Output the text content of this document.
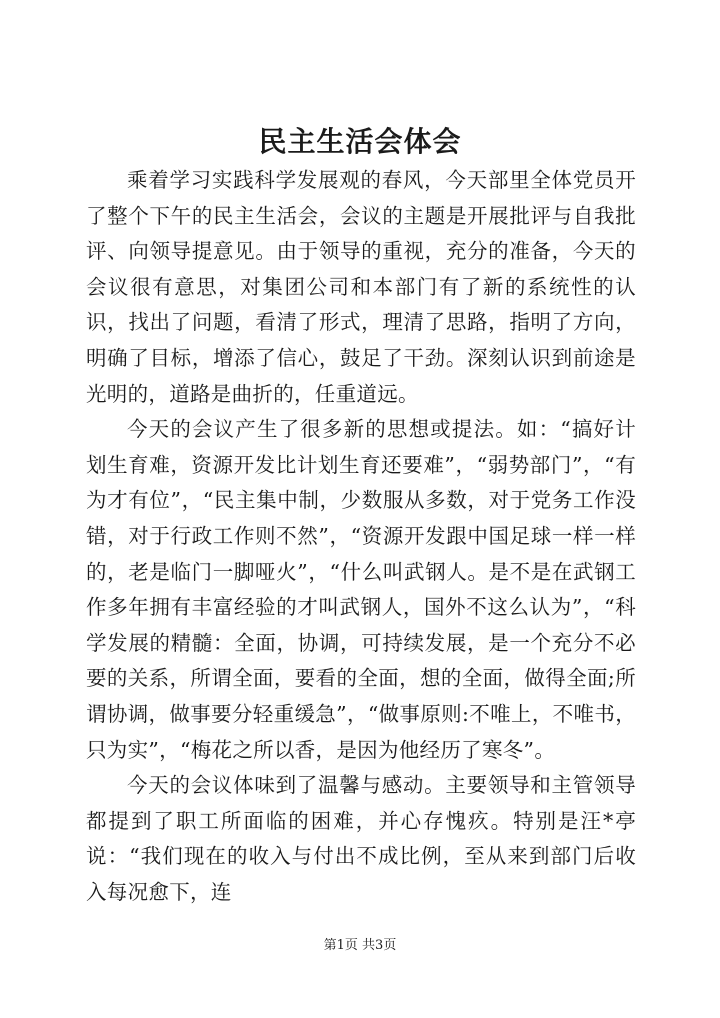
民主生活会体会

乘着学习实践科学发展观的春风，今天部里全体党员开了整个下午的民主生活会，会议的主题是开展批评与自我批评、向领导提意见。由于领导的重视，充分的准备，今天的会议很有意思，对集团公司和本部门有了新的系统性的认识，找出了问题，看清了形式，理清了思路，指明了方向，明确了目标，增添了信心，鼓足了干劲。深刻认识到前途是光明的，道路是曲折的，任重道远。

今天的会议产生了很多新的思想或提法。如：“搞好计划生育难，资源开发比计划生育还要难”，“弱势部门”，“有为才有位”，“民主集中制，少数服从多数，对于党务工作没错，对于行政工作则不然”，“资源开发跟中国足球一样一样的，老是临门一脚哑火”，“什么叫武钢人。是不是在武钢工作多年拥有丰富经验的才叫武钢人，国外不这么认为”，“科学发展的精髓：全面，协调，可持续发展，是一个充分不必要的关系，所谓全面，要看的全面，想的全面，做得全面;所谓协调，做事要分轻重缓急”，“做事原则:不唯上，不唯书，只为实”，“梅花之所以香，是因为他经历了寒冬”。

今天的会议体味到了温馨与感动。主要领导和主管领导都提到了职工所面临的困难，并心存愧疚。特别是汪*亭说：“我们现在的收入与付出不成比例，至从来到部门后收入每况愈下，连

第1页 共3页
